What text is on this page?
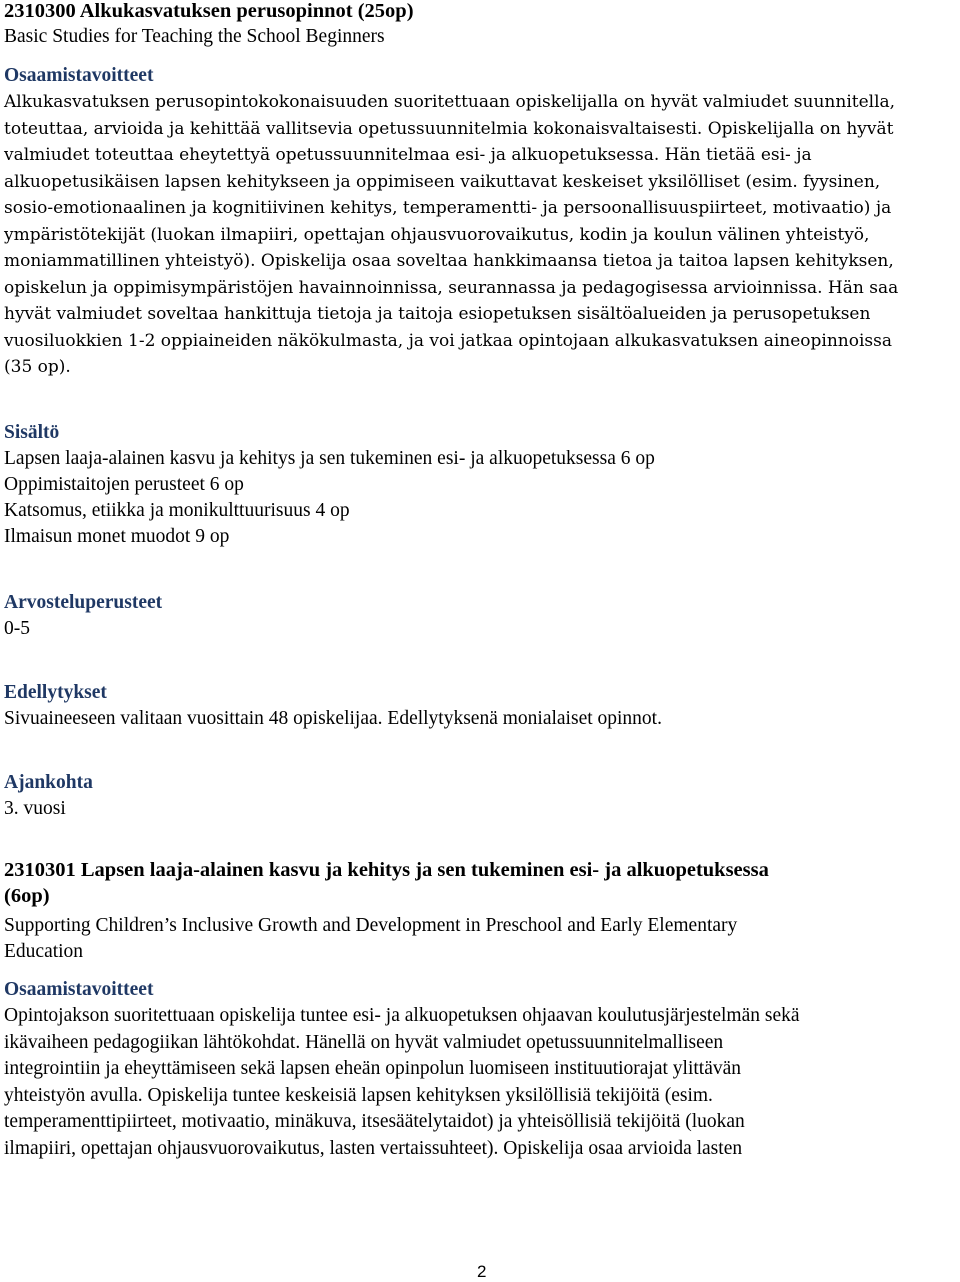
2310300 Alkukasvatuksen perusopinnot (25op)
Basic Studies for Teaching the School Beginners
Osaamistavoitteet
Alkukasvatuksen perusopintokokonaisuuden suoritettuaan opiskelijalla on hyvät valmiudet suunnitella,
toteuttaa, arvioida ja kehittää vallitsevia opetussuunnitelmia kokonaisvaltaisesti. Opiskelijalla on hyvät
valmiudet toteuttaa eheytettyä opetussuunnitelmaa esi- ja alkuopetuksessa. Hän tietää esi- ja
alkuopetusikäisen lapsen kehitykseen ja oppimiseen vaikuttavat keskeiset yksilölliset (esim. fyysinen,
sosio-emotionaalinen ja kognitiivinen kehitys, temperamentti- ja persoonallisuuspiirteet, motivaatio) ja
ympäristötekijät (luokan ilmapiiri, opettajan ohjausvuorovaikutus, kodin ja koulun välinen yhteistyö,
moniammatillinen yhteistyö). Opiskelija osaa soveltaa hankkimaansa tietoa ja taitoa lapsen kehityksen,
opiskelun ja oppimisympäristöjen havainnoinnissa, seurannassa ja pedagogisessa arvioinnissa. Hän saa
hyvät valmiudet soveltaa hankittuja tietoja ja taitoja esiopetuksen sisältöalueiden ja perusopetuksen
vuosiluokkien 1-2 oppiaineiden näkökulmasta, ja voi jatkaa opintojaan alkukasvatuksen aineopinnoissa
(35 op).
Sisältö
Lapsen laaja-alainen kasvu ja kehitys ja sen tukeminen esi- ja alkuopetuksessa 6 op
Oppimistaitojen perusteet 6 op
Katsomus, etiikka ja monikulttuurisuus 4 op
Ilmaisun monet muodot 9 op
Arvosteluperusteet
0-5
Edellytykset
Sivuaineeseen valitaan vuosittain 48 opiskelijaa. Edellytyksenä monialaiset opinnot.
Ajankohta
3. vuosi
2310301 Lapsen laaja-alainen kasvu ja kehitys ja sen tukeminen esi- ja alkuopetuksessa
(6op)
Supporting Children’s Inclusive Growth and Development in Preschool and Early Elementary
Education
Osaamistavoitteet
Opintojakson suoritettuaan opiskelija tuntee esi- ja alkuopetuksen ohjaavan koulutusjärjestelmän sekä
ikävaiheen pedagogiikan lähtökohdat. Hänellä on hyvät valmiudet opetussuunnitelmalliseen
integrointiin ja eheyttämiseen sekä lapsen eheän opinpolun luomiseen instituutiorajat ylittävän
yhteistyön avulla. Opiskelija tuntee keskeisiä lapsen kehityksen yksilöllisiä tekijöitä (esim.
temperamenttipiirteet, motivaatio, minäkuva, itsesäätelytaidot) ja yhteisöllisiä tekijöitä (luokan
ilmapiiri, opettajan ohjausvuorovaikutus, lasten vertaissuhteet). Opiskelija osaa arvioida lasten
2
